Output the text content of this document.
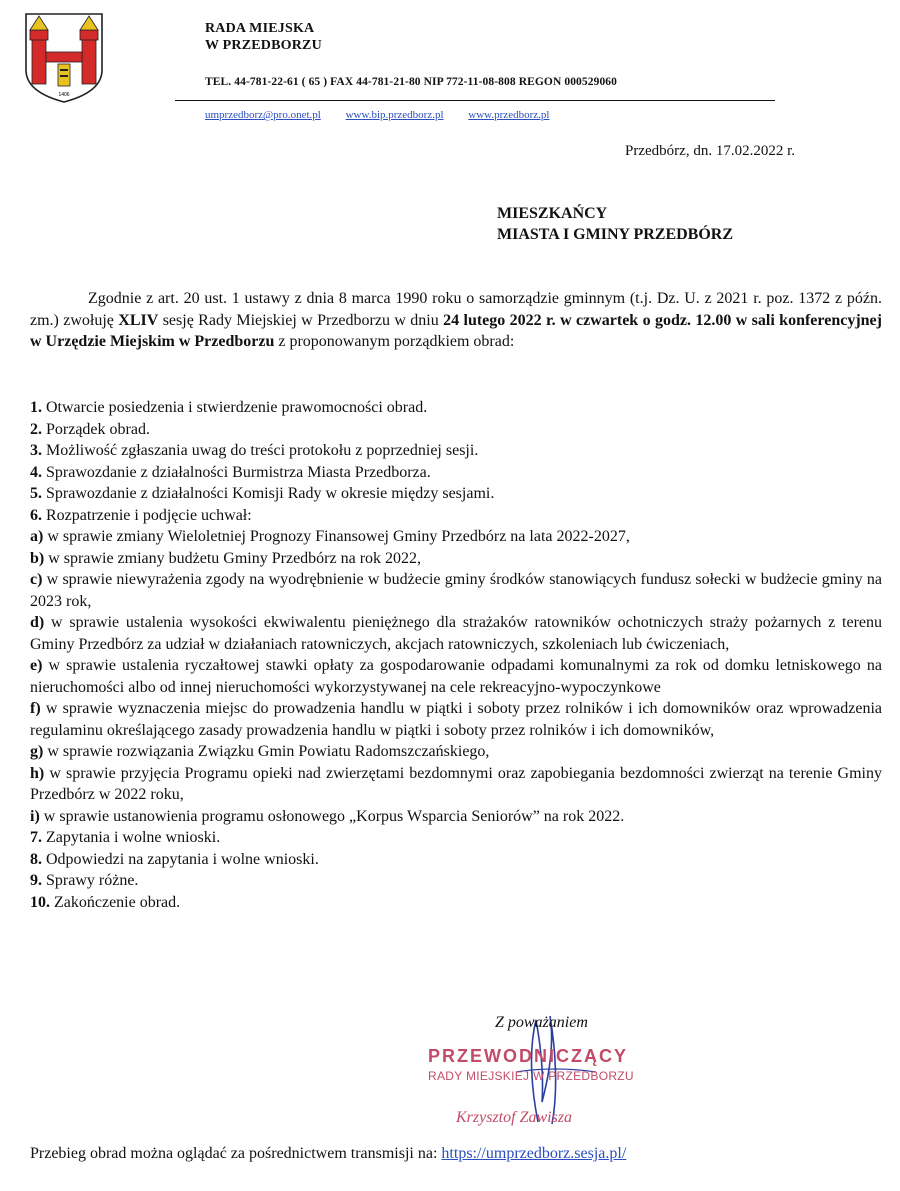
1406
RADA MIEJSKA
W PRZEDBORZU
TEL. 44-781-22-61 ( 65 ) FAX 44-781-21-80 NIP 772-11-08-808 REGON 000529060
umprzedborz@pro.onet.pl www.bip.przedborz.pl www.przedborz.pl
Przedbórz, dn. 17.02.2022 r.
MIESZKAŃCY
MIASTA I GMINY PRZEDBÓRZ
Zgodnie z art. 20 ust. 1 ustawy z dnia 8 marca 1990 roku o samorządzie gminnym (t.j. Dz. U. z 2021 r. poz. 1372 z późn. zm.) zwołuję XLIV sesję Rady Miejskiej w Przedborzu w dniu 24 lutego 2022 r. w czwartek o godz. 12.00 w sali konferencyjnej w Urzędzie Miejskim w Przedborzu z proponowanym porządkiem obrad:
1. Otwarcie posiedzenia i stwierdzenie prawomocności obrad.
2. Porządek obrad.
3. Możliwość zgłaszania uwag do treści protokołu z poprzedniej sesji.
4. Sprawozdanie z działalności Burmistrza Miasta Przedborza.
5. Sprawozdanie z działalności Komisji Rady w okresie między sesjami.
6. Rozpatrzenie i podjęcie uchwał:
a) w sprawie zmiany Wieloletniej Prognozy Finansowej Gminy Przedbórz na lata 2022-2027,
b) w sprawie zmiany budżetu Gminy Przedbórz na rok 2022,
c) w sprawie niewyrażenia zgody na wyodrębnienie w budżecie gminy środków stanowiących fundusz sołecki w budżecie gminy na 2023 rok,
d) w sprawie ustalenia wysokości ekwiwalentu pieniężnego dla strażaków ratowników ochotniczych straży pożarnych z terenu Gminy Przedbórz za udział w działaniach ratowniczych, akcjach ratowniczych, szkoleniach lub ćwiczeniach,
e) w sprawie ustalenia ryczałtowej stawki opłaty za gospodarowanie odpadami komunalnymi za rok od domku letniskowego na nieruchomości albo od innej nieruchomości wykorzystywanej na cele rekreacyjno-wypoczynkowe
f) w sprawie wyznaczenia miejsc do prowadzenia handlu w piątki i soboty przez rolników i ich domowników oraz wprowadzenia regulaminu określającego zasady prowadzenia handlu w piątki i soboty przez rolników i ich domowników,
g) w sprawie rozwiązania Związku Gmin Powiatu Radomszczańskiego,
h) w sprawie przyjęcia Programu opieki nad zwierzętami bezdomnymi oraz zapobiegania bezdomności zwierząt na terenie Gminy Przedbórz w 2022 roku,
i) w sprawie ustanowienia programu osłonowego „Korpus Wsparcia Seniorów” na rok 2022.
7. Zapytania i wolne wnioski.
8. Odpowiedzi na zapytania i wolne wnioski.
9. Sprawy różne.
10. Zakończenie obrad.
Z poważaniem
PRZEWODNICZĄCY
RADY MIEJSKIEJ W PRZEDBORZU
Krzysztof Zawisza
Przebieg obrad można oglądać za pośrednictwem transmisji na: https://umprzedborz.sesja.pl/
